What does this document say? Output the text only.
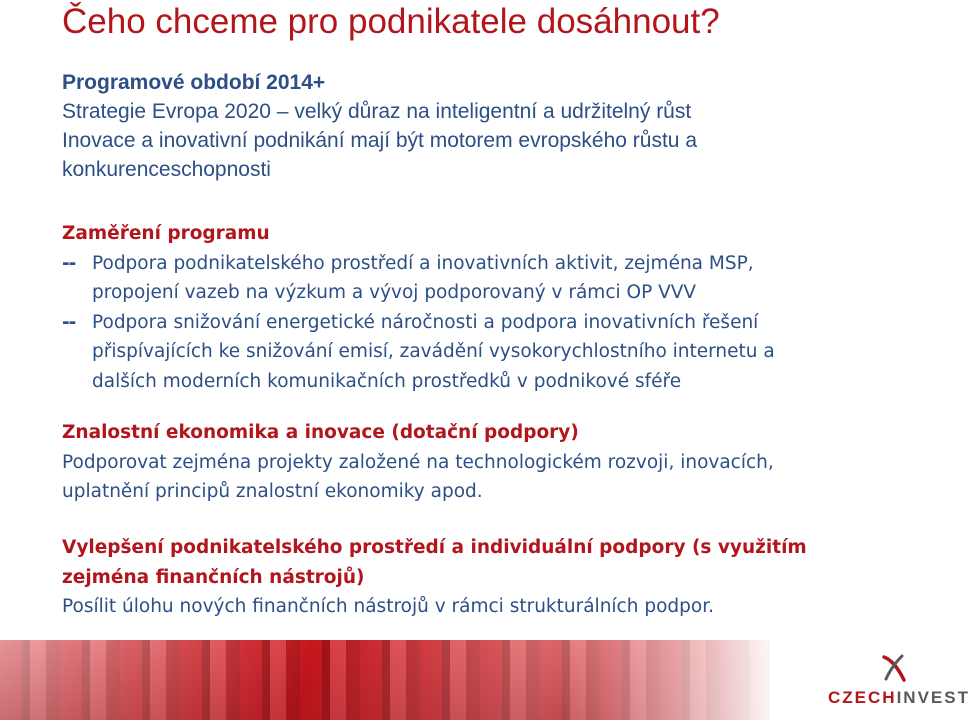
Čeho chceme pro podnikatele dosáhnout?
Programové období 2014+
Strategie Evropa 2020 – velký důraz na inteligentní a udržitelný růst
Inovace a inovativní podnikání mají být motorem evropského růstu a
konkurenceschopnosti
Zaměření programu
-- Podpora podnikatelského prostředí a inovativních aktivit, zejména MSP,
propojení vazeb na výzkum a vývoj podporovaný v rámci OP VVV
-- Podpora snižování energetické náročnosti a podpora inovativních řešení
přispívajících ke snižování emisí, zavádění vysokorychlostního internetu a
dalších moderních komunikačních prostředků v podnikové sféře
Znalostní ekonomika a inovace (dotační podpory)
Podporovat zejména projekty založené na technologickém rozvoji, inovacích,
uplatnění principů znalostní ekonomiky apod.
Vylepšení podnikatelského prostředí a individuální podpory (s využitím
zejména finančních nástrojů)
Posílit úlohu nových finančních nástrojů v rámci strukturálních podpor.
CZECHINVEST
